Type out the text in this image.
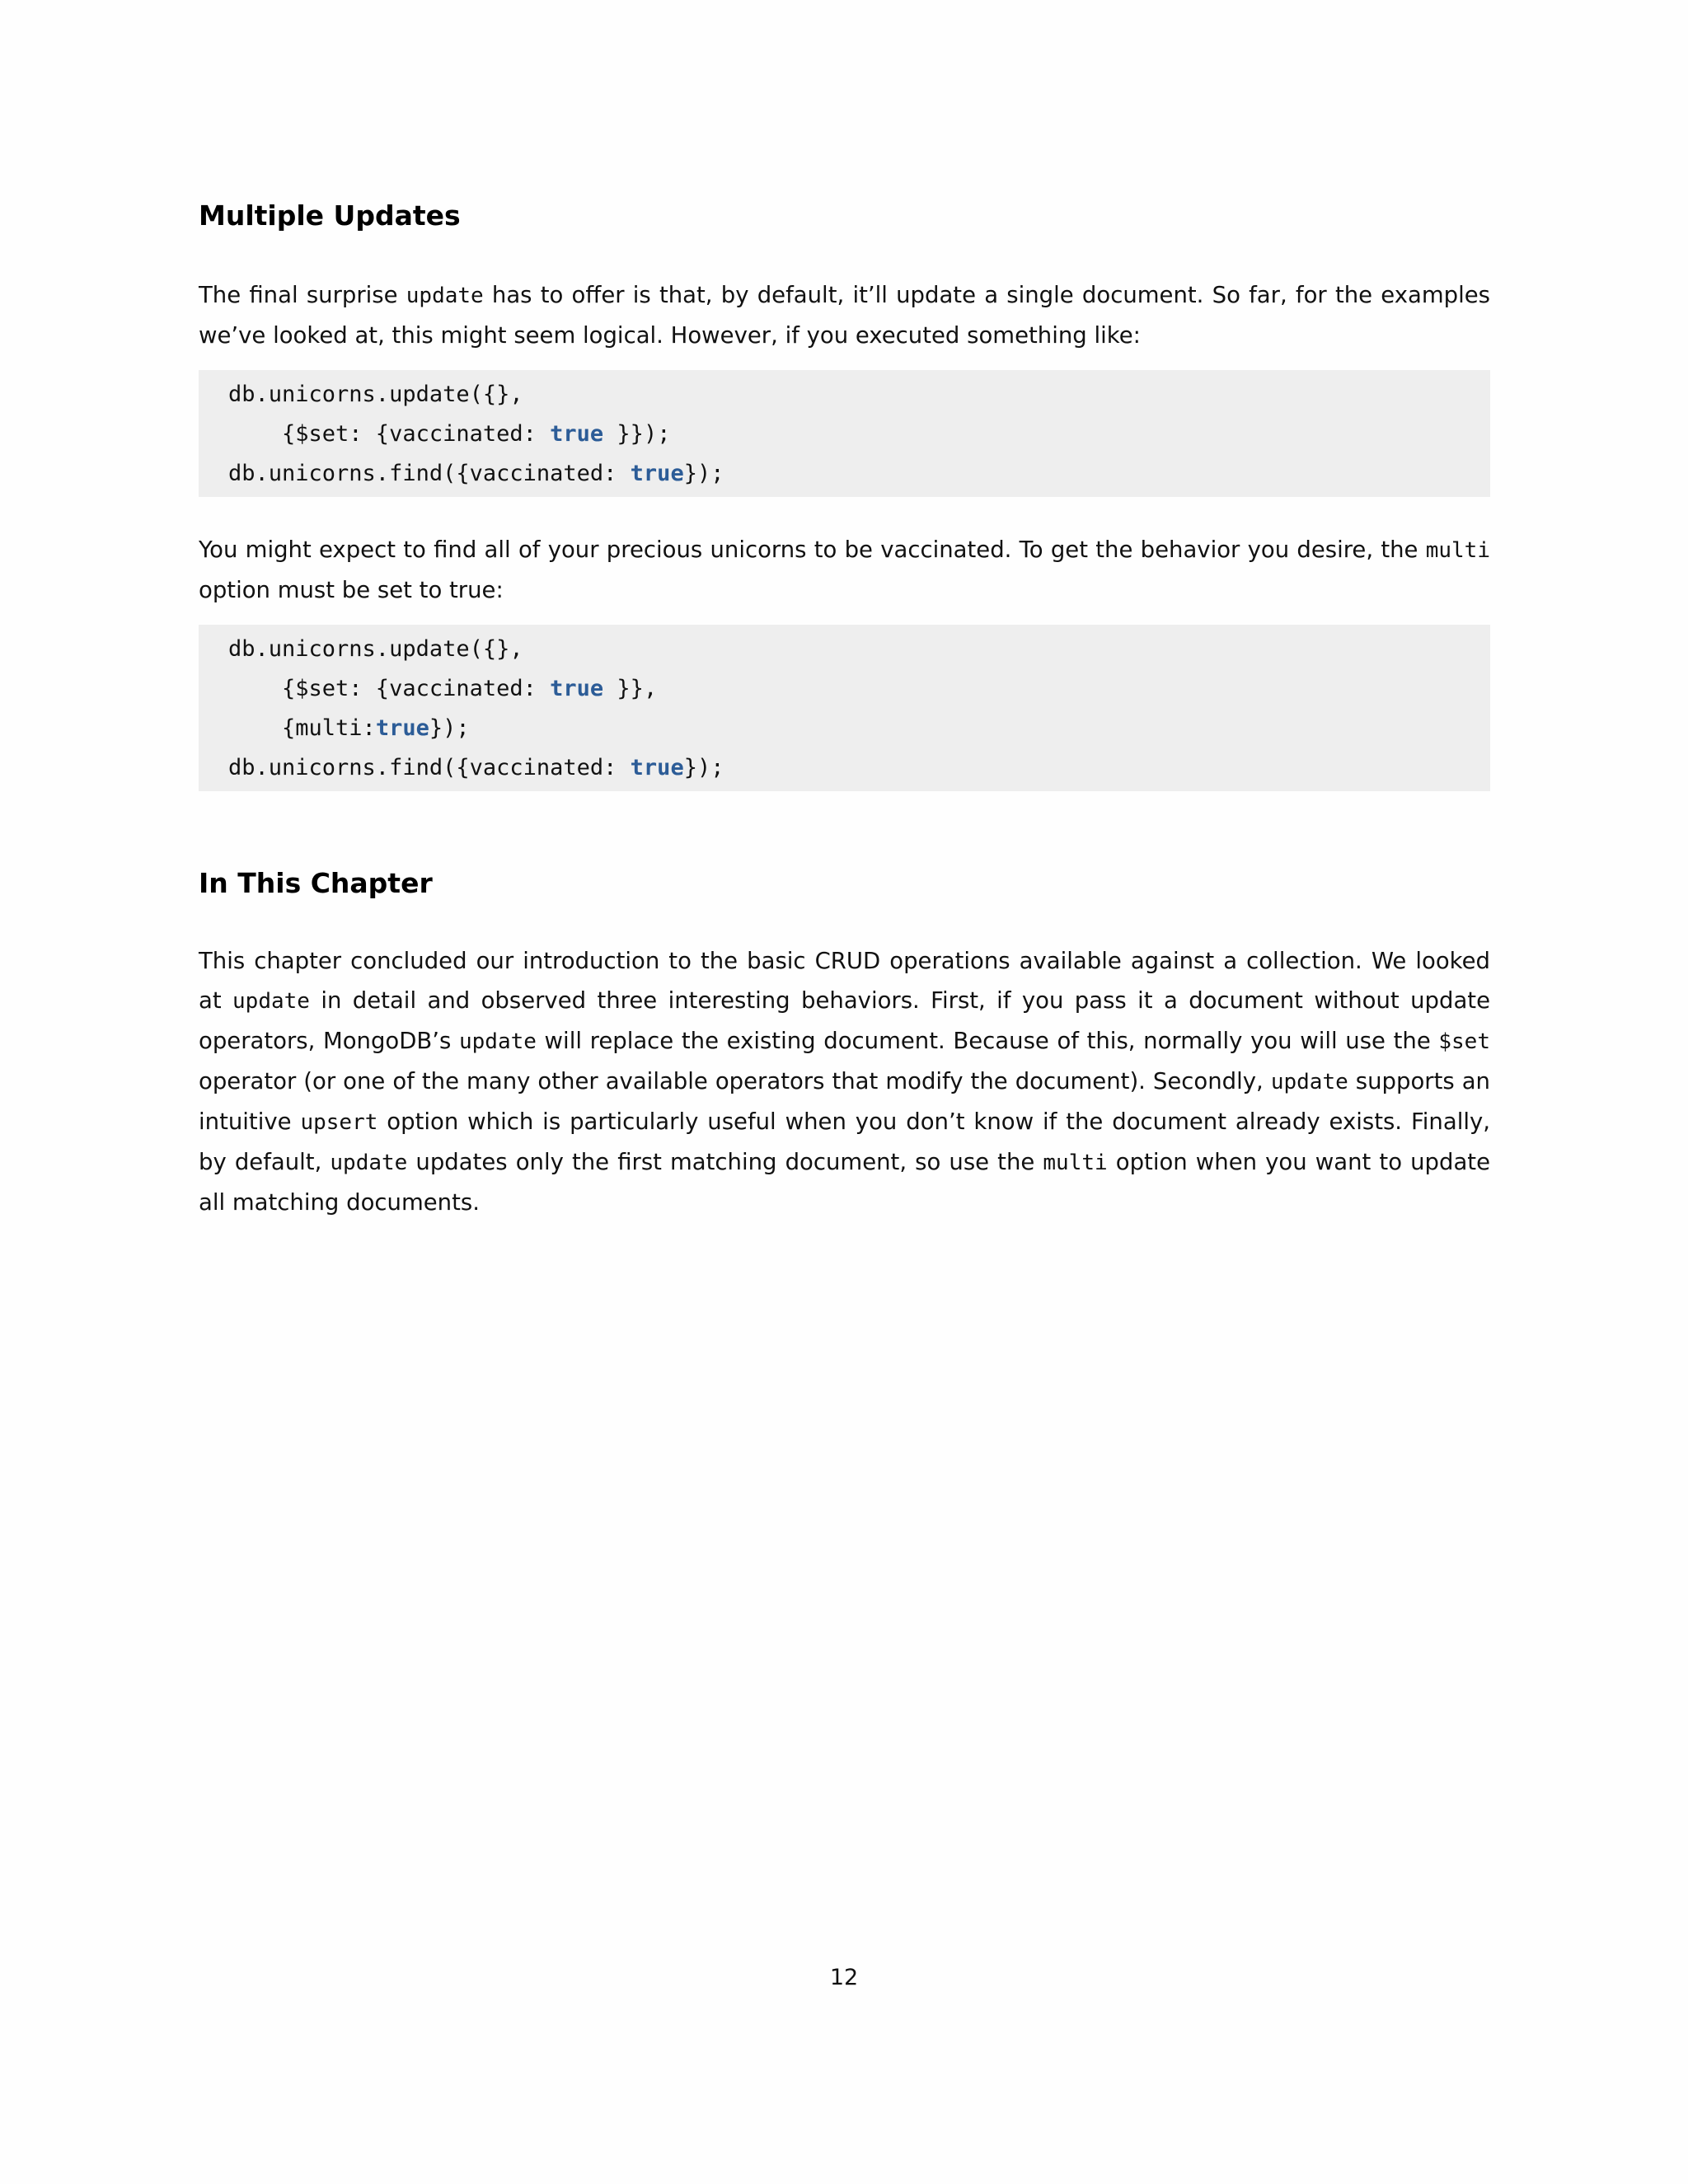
Multiple Updates

The final surprise update has to offer is that, by default, it’ll update a single document. So far, for the examples we’ve looked at, this might seem logical. However, if you executed something like:

db.unicorns.update({},
{$set: {vaccinated: true }});
db.unicorns.find({vaccinated: true});

You might expect to find all of your precious unicorns to be vaccinated. To get the behavior you desire, the multi option must be set to true:

db.unicorns.update({},
{$set: {vaccinated: true }},
{multi:true});
db.unicorns.find({vaccinated: true});
In This Chapter

This chapter concluded our introduction to the basic CRUD operations available against a collection. We looked at update in detail and observed three interesting behaviors. First, if you pass it a document without update operators, MongoDB’s update will replace the existing document. Because of this, normally you will use the $set operator (or one of the many other available operators that modify the document). Secondly, update supports an intuitive upsert option which is particularly useful when you don’t know if the document already exists. Finally, by default, update updates only the first matching document, so use the multi option when you want to update all matching documents.

12
